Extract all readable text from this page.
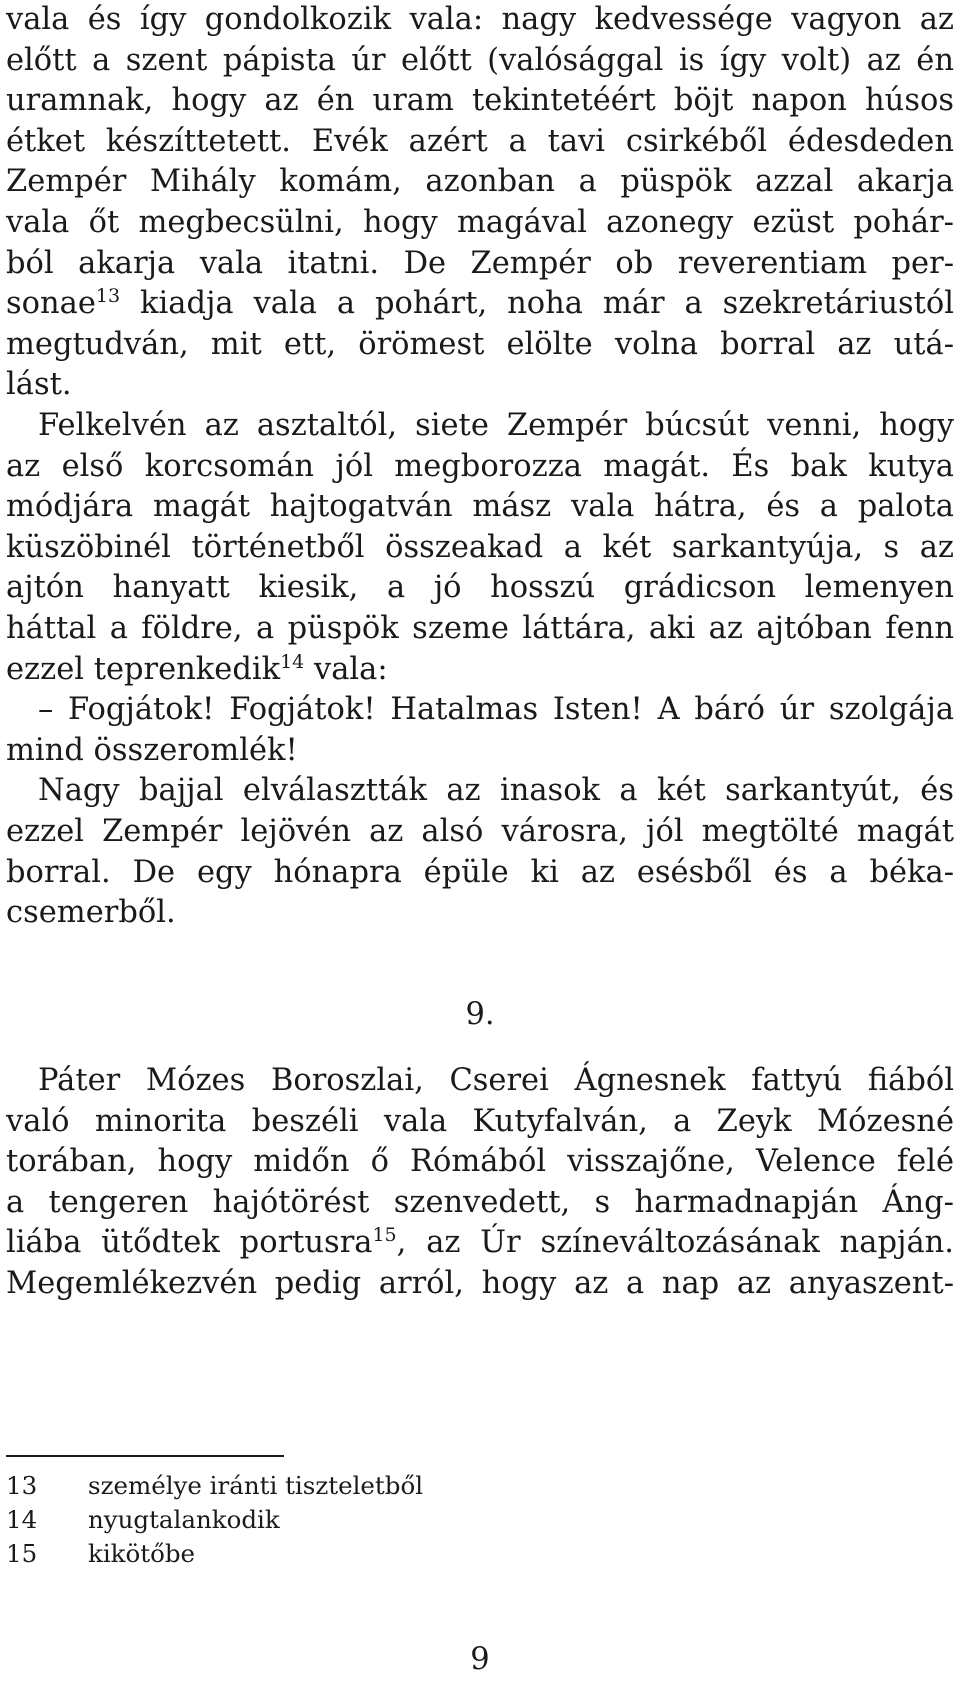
vala és így gondolkozik vala: nagy kedvessége vagyon az

előtt a szent pápista úr előtt (valósággal is így volt) az én

uramnak, hogy az én uram tekintetéért böjt napon húsos

étket készíttetett. Evék azért a tavi csirkéből édesdeden

Zempér Mihály komám, azonban a püspök azzal akarja

vala őt megbecsülni, hogy magával azonegy ezüst pohár-

ból akarja vala itatni. De Zempér ob reverentiam per-

sonae$^{13}$ kiadja vala a pohárt, noha már a szekretáriustól

megtudván, mit ett, örömest elölte volna borral az utá-

lást.

Felkelvén az asztaltól, siete Zempér búcsút venni, hogy

az első korcsomán jól megborozza magát. És bak kutya

módjára magát hajtogatván mász vala hátra, és a palota

küszöbinél történetből összeakad a két sarkantyúja, s az

ajtón hanyatt kiesik, a jó hosszú grádicson lemenyen

háttal a földre, a püspök szeme láttára, aki az ajtóban fenn

ezzel teprenkedik$^{14}$ vala:

– Fogjátok! Fogjátok! Hatalmas Isten! A báró úr szolgája

mind összeromlék!

Nagy bajjal elválasztták az inasok a két sarkantyút, és

ezzel Zempér lejövén az alsó városra, jól megtölté magát

borral. De egy hónapra épüle ki az esésből és a béka-

csemerből.

9.

Páter Mózes Boroszlai, Cserei Ágnesnek fattyú fiából

való minorita beszéli vala Kutyfalván, a Zeyk Mózesné

torában, hogy midőn ő Rómából visszajőne, Velence felé

a tengeren hajótörést szenvedett, s harmadnapján Áng-

liába ütődtek portusra$^{15}$, az Úr színeváltozásának napján.

Megemlékezvén pedig arról, hogy az a nap az anyaszent-

13 személye iránti tiszteletből
14 nyugtalankodik
15 kikötőbe
9
